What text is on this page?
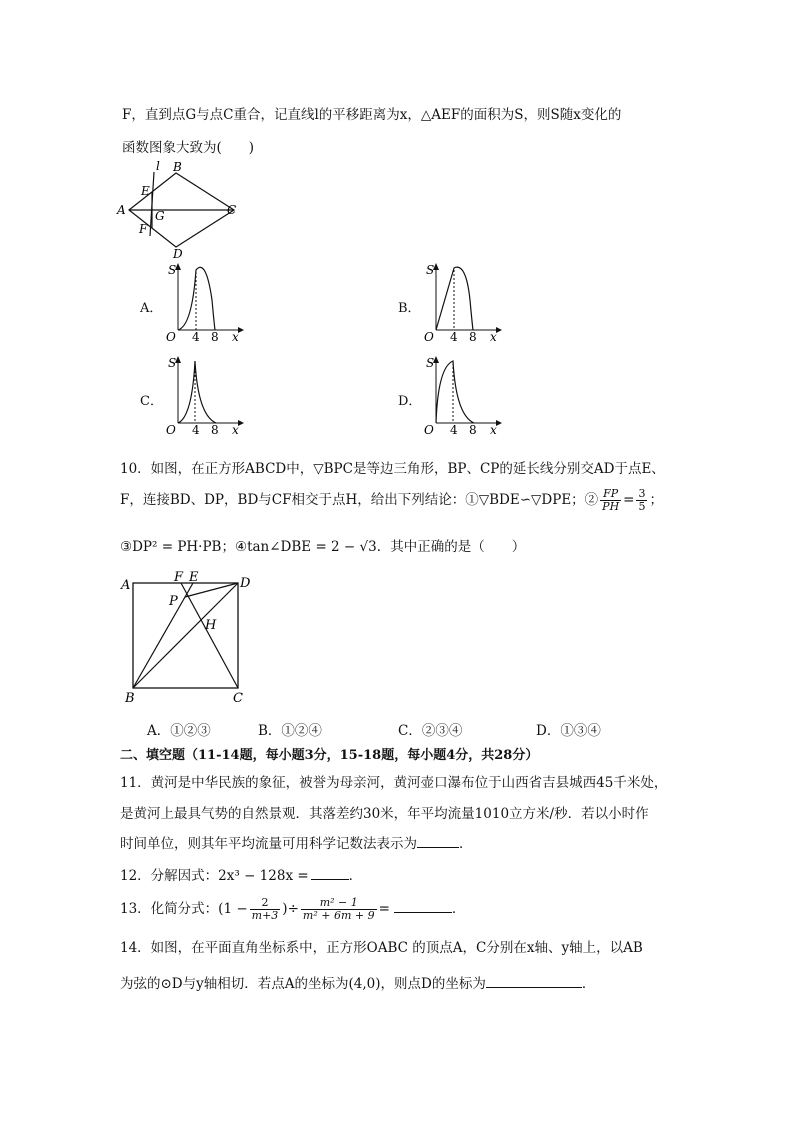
F，直到点G与点C重合，记直线l的平移距离为x，△AEF的面积为S，则S随x变化的
函数图象大致为(　　)
A
B
C
D
E
F
G
l
A．
S
O 4 8 x
B．
S
O 4 8 x
C．
S
O 4 8 x
D．
S
O 4 8 x
10．如图，在正方形ABCD中，▽BPC是等边三角形，BP、CP的延长线分别交AD于点E、
F，连接BD、DP，BD与CF相交于点H，给出下列结论：①▽BDE∽▽DPE；② $\frac{FP}{PH} = \frac{3}{5}$ ；
③DP² = PH·PB；④tan∠DBE = 2 − √3．其中正确的是（　　）
A
B	C
D
F E
P
H
A．①②③	B．①②④	C．②③④	D．①③④
二、填空题（11-14题，每小题3分，15-18题，每小题4分，共28分）
11．黄河是中华民族的象征，被誉为母亲河，黄河壶口瀑布位于山西省吉县城西45千米处，
是黄河上最具气势的自然景观．其落差约30米，年平均流量1010立方米/秒．若以小时作
时间单位，则其年平均流量可用科学记数法表示为	．
12．分解因式：2x³ − 128x =	．
13．化简分式：($1 - \frac{2}{m+3}$ )÷ $\frac{\text{m² − 1}}{\text{m² + 6m + 9}}$ =	．
14．如图，在平面直角坐标系中，正方形OABC 的顶点A，C分别在x轴、y轴上，以AB
为弦的⊙D与y轴相切．若点A的坐标为(4,0)，则点D的坐标为	．
